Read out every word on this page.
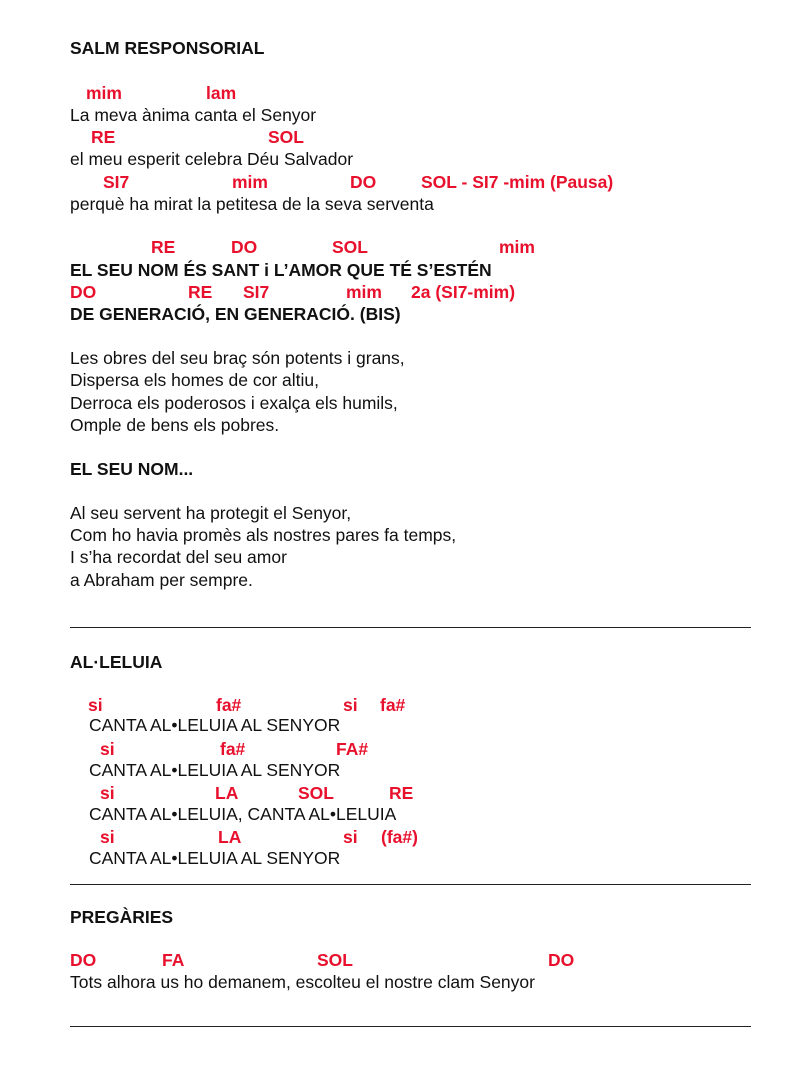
SALM RESPONSORIAL
mim	lam
La meva ànima canta el Senyor
RE	SOL
el meu esperit celebra Déu Salvador
SI7	mim	DO	SOL - SI7 -mim (Pausa)
perquè ha mirat la petitesa de la seva serventa
RE	DO	SOL	mim
EL SEU NOM ÉS SANT i L’AMOR QUE TÉ S’ESTÉN
DO	RE SI7	mim 2a (SI7-mim)
DE GENERACIÓ, EN GENERACIÓ. (BIS)
Les obres del seu braç són potents i grans,
Dispersa els homes de cor altiu,
Derroca els poderosos i exalça els humils,
Omple de bens els pobres.
EL SEU NOM...
Al seu servent ha protegit el Senyor,
Com ho havia promès als nostres pares fa temps,
I s’ha recordat del seu amor
a Abraham per sempre.
AL·LELUIA
si	fa#	si fa#
CANTA AL•LELUIA AL SENYOR
si	fa#	FA#
CANTA AL•LELUIA AL SENYOR
si	LA	SOL	RE
CANTA AL•LELUIA, CANTA AL•LELUIA
si	LA	si (fa#)
CANTA AL•LELUIA AL SENYOR
PREGÀRIES
DO	FA	SOL	DO
Tots alhora us ho demanem, escolteu el nostre clam Senyor
